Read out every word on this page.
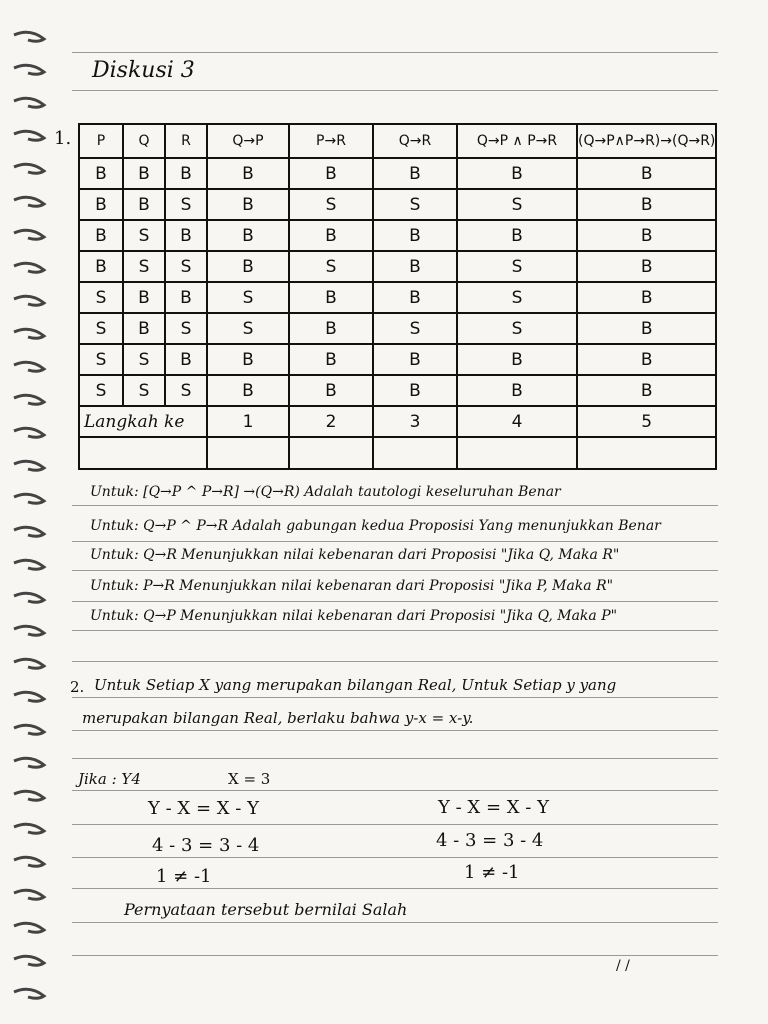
Diskusi 3
1. P	Q	R	Q→P	P→R	Q→R	Q→P ∧ P→R	(Q→P∧P→R)→(Q→R)
B	B	B	B	B	B	B	B
B	B	S	B	S	S	S	B
B	S	B	B	B	B	B	B
B	S	S	B	S	B	S	B
S	B	B	S	B	B	S	B
S	B	S	S	B	S	S	B
S	S	B	B	B	B	B	B
S	S	S	B	B	B	B	B
Langkah ke			1	2	3	4	5

Untuk: [Q→P ^ P→R] →(Q→R) Adalah tautologi keseluruhan Benar
Untuk: Q→P ^ P→R Adalah gabungan kedua Proposisi Yang menunjukkan Benar
Untuk: Q→R Menunjukkan nilai kebenaran dari Proposisi "Jika Q, Maka R"
Untuk: P→R Menunjukkan nilai kebenaran dari Proposisi "Jika P, Maka R"
Untuk: Q→P Menunjukkan nilai kebenaran dari Proposisi "Jika Q, Maka P"
2. Untuk Setiap X yang merupakan bilangan Real, Untuk Setiap y yang
merupakan bilangan Real, berlaku bahwa y-x = x-y.
Jika : Y4	X = 3
Y - X = X - Y
4 - 3 = 3 - 4
1 ≠ -1
Y - X = X - Y
4 - 3 = 3 - 4
1 ≠ -1
Pernyataan tersebut bernilai Salah
/ /
